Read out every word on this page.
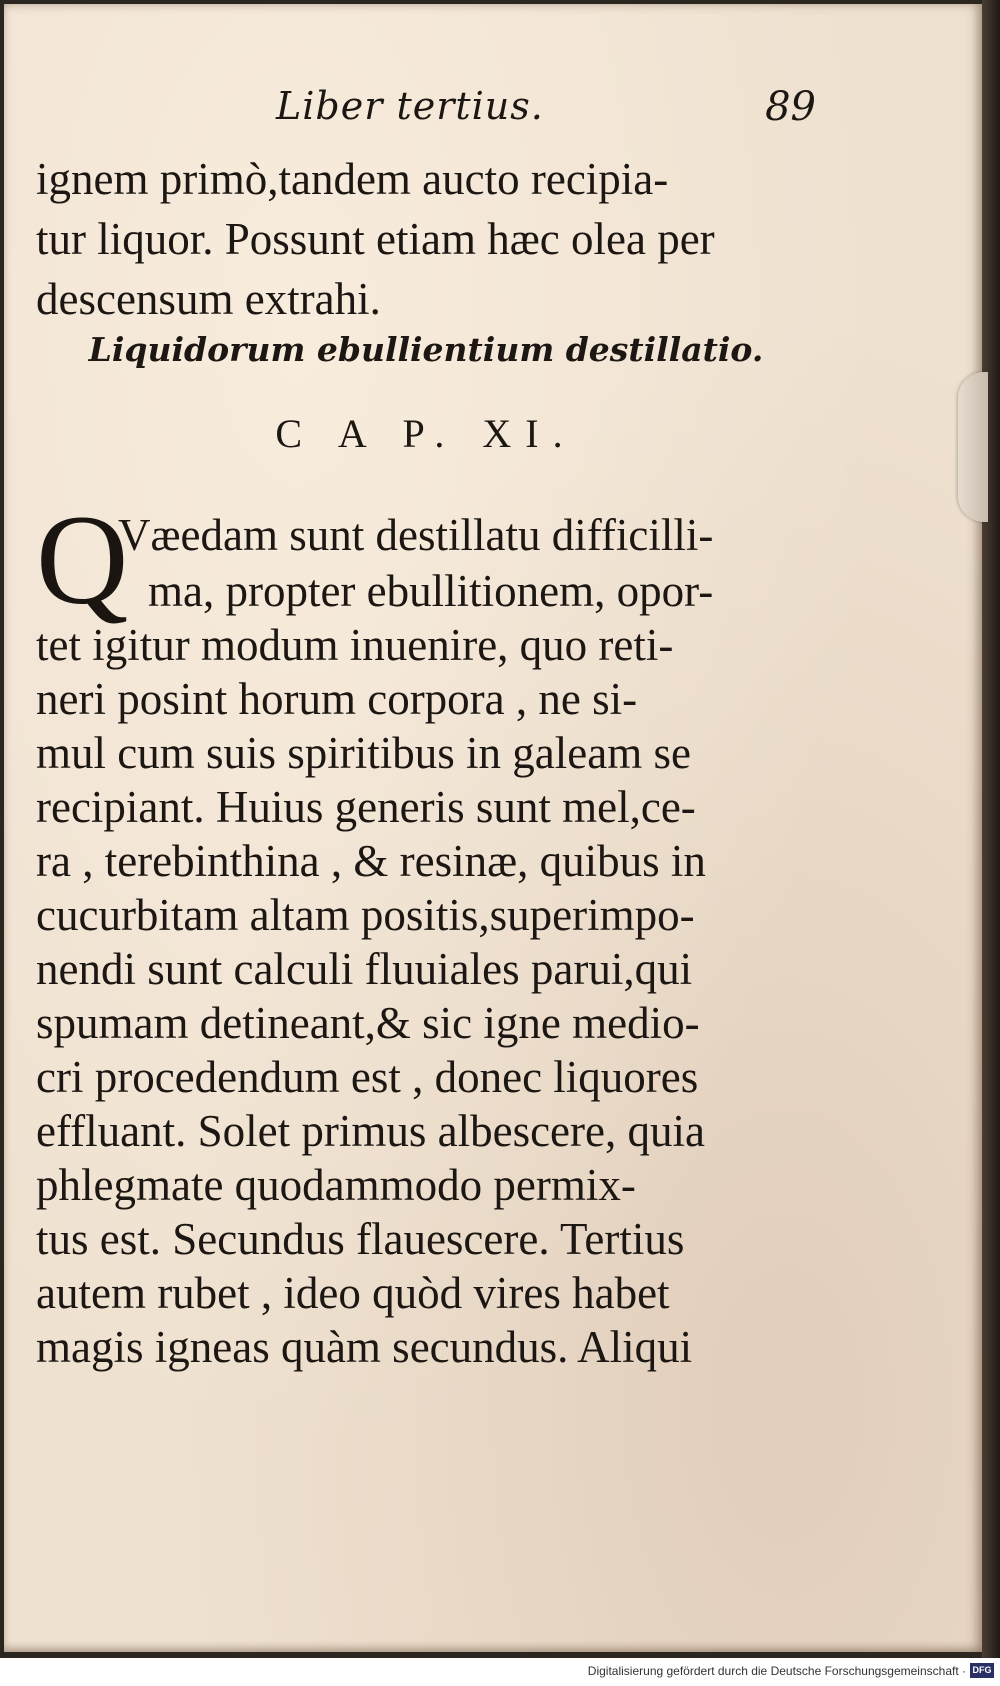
Liber tertius.	89
ignem primò,tandem aucto recipia-
tur liquor. Possunt etiam hæc olea per
descensum extrahi.
Liquidorum ebullientium destillatio.
C A P. XI.
Q
Væedam sunt destillatu difficilli-
ma, propter ebullitionem, opor-
tet igitur modum inuenire, quo reti-
neri posint horum corpora , ne si-
mul cum suis spiritibus in galeam se
recipiant. Huius generis sunt mel,ce-
ra , terebinthina , & resinæ, quibus in
cucurbitam altam positis,superimpo-
nendi sunt calculi fluuiales parui,qui
spumam detineant,& sic igne medio-
cri procedendum est , donec liquores
effluant. Solet primus albescere, quia
phlegmate quodammodo permix-
tus est. Secundus flauescere. Tertius
autem rubet , ideo quòd vires habet
magis igneas quàm secundus. Aliqui
Digitalisierung gefördert durch die Deutsche Forschungsgemeinschaft · DFG
